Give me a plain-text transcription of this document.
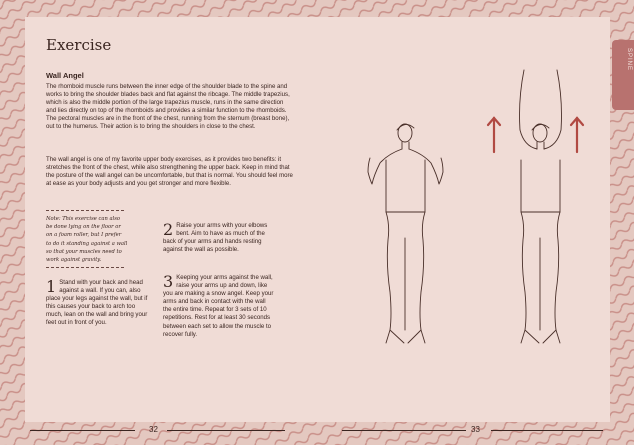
Exercise
Wall Angel

The rhomboid muscle runs between the inner edge of the shoulder blade to the spine and works to bring the shoulder blades back and flat against the ribcage. The middle trapezius, which is also the middle portion of the large trapezius muscle, runs in the same direction and lies directly on top of the rhomboids and provides a similar function to the rhomboids. The pectoral muscles are in the front of the chest, running from the sternum (breast bone), out to the humerus. Their action is to bring the shoulders in close to the chest.

The wall angel is one of my favorite upper body exercises, as it provides two benefits: it stretches the front of the chest, while also strengthening the upper back. Keep in mind that the posture of the wall angel can be uncomfortable, but that is normal. You should feel more at ease as your body adjusts and you get stronger and more flexible.

Note: This exercise can also be done lying on the floor or on a foam roller, but I prefer to do it standing against a wall so that your muscles need to work against gravity.

1 Stand with your back and head against a wall. If you can, also place your legs against the wall, but if this causes your back to arch too much, lean on the wall and bring your feet out in front of you.
2 Raise your arms with your elbows bent. Aim to have as much of the back of your arms and hands resting against the wall as possible.
3 Keeping your arms against the wall, raise your arms up and down, like you are making a snow angel. Keep your arms and back in contact with the wall the entire time. Repeat for 3 sets of 10 repetitions. Rest for at least 30 seconds between each set to allow the muscle to recover fully.
32	33
SPINE
